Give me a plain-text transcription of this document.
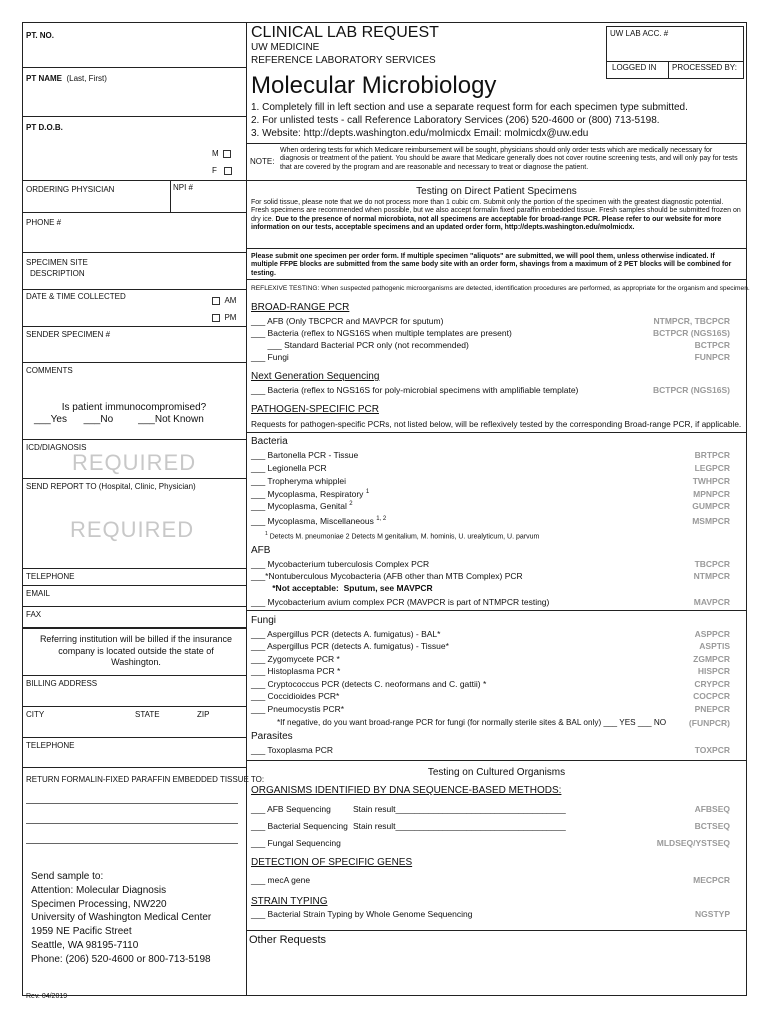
PT. NO.
PT NAME (Last, First)
PT D.O.B.
M
F
ORDERING PHYSICIAN	NPI #
PHONE #
SPECIMEN SITE
DESCRIPTION
DATE & TIME COLLECTED	AM
PM
SENDER SPECIMEN #
COMMENTS
Is patient immunocompromised?
___Yes ___No	___Not Known
ICD/DIAGNOSIS
REQUIRED
SEND REPORT TO (Hospital, Clinic, Physician)
REQUIRED
TELEPHONE
EMAIL
FAX
Referring institution will be billed if the insurance company is located outside the state of Washington.
BILLING ADDRESS
CITY	STATE	ZIP
TELEPHONE
RETURN FORMALIN-FIXED PARAFFIN EMBEDDED TISSUE TO:
Send sample to:
Attention: Molecular Diagnosis
Specimen Processing, NW220
University of Washington Medical Center
1959 NE Pacific Street
Seattle, WA 98195-7110
Phone: (206) 520-4600 or 800-713-5198
Rev. 04/2019
CLINICAL LAB REQUEST
UW MEDICINE
REFERENCE LABORATORY SERVICES
Molecular Microbiology
UW LAB ACC. #
LOGGED IN PROCESSED BY:
1. Completely fill in left section and use a separate request form for each specimen type submitted.
2. For unlisted tests - call Reference Laboratory Services (206) 520-4600 or (800) 713-5198.
3. Website: http://depts.washington.edu/molmicdx Email: molmicdx@uw.edu
NOTE:
When ordering tests for which Medicare reimbursement will be sought, physicians should only order tests which are medically necessary for diagnosis or treatment of the patient. You should be aware that Medicare generally does not cover routine screening tests, and will only pay for tests that are covered by the program and are reasonable and necessary to treat or diagnose the patient.
Testing on Direct Patient Specimens
For solid tissue, please note that we do not process more than 1 cubic cm. Submit only the portion of the specimen with the greatest diagnostic potential. Fresh specimens are recommended when possible, but we also accept formalin fixed paraffin embedded tissue. Fresh samples should be submitted frozen on dry ice. Due to the presence of normal microbiota, not all specimens are acceptable for broad-range PCR. Please refer to our website for more information on our tests, acceptable specimens and an updated order form, http://depts.washington.edu/molmicdx.
Please submit one specimen per order form. If multiple specimen "aliquots" are submitted, we will pool them, unless otherwise indicated. If multiple FFPE blocks are submitted from the same body site with an order form, shavings from a maximum of 2 PET blocks will be combined for testing.
REFLEXIVE TESTING: When suspected pathogenic microorganisms are detected, identification procedures are performed, as appropriate for the organism and specimen.
BROAD-RANGE PCR
___ AFB (Only TBCPCR and MAVPCR for sputum)	NTMPCR, TBCPCR
___ Bacteria (reflex to NGS16S when multiple templates are present)	BCTPCR (NGS16S)
___ Standard Bacterial PCR only (not recommended)	BCTPCR
___ Fungi	FUNPCR
Next Generation Sequencing
___ Bacteria (reflex to NGS16S for poly-microbial specimens with amplifiable template)	BCTPCR (NGS16S)
PATHOGEN-SPECIFIC PCR
Requests for pathogen-specific PCRs, not listed below, will be reflexively tested by the corresponding Broad-range PCR, if applicable.
Bacteria
___ Bartonella PCR - Tissue	BRTPCR
___ Legionella PCR	LEGPCR
___ Tropheryma whipplei	TWHPCR
___ Mycoplasma, Respiratory $^1$	MPNPCR
___ Mycoplasma, Genital $^2$	GUMPCR
___ Mycoplasma, Miscellaneous $^{1, 2}$	MSMPCR
$^1$ Detects M. pneumoniae 2 Detects M genitalium, M. hominis, U. urealyticum, U. parvum
AFB
___ Mycobacterium tuberculosis Complex PCR	TBCPCR
___*Nontuberculous Mycobacteria (AFB other than MTB Complex) PCR	NTMPCR
*Not acceptable:  Sputum, see MAVPCR
___ Mycobacterium avium complex PCR (MAVPCR is part of NTMPCR testing)	MAVPCR
Fungi
___ Aspergillus PCR (detects A. fumigatus) - BAL*	ASPPCR
___ Aspergillus PCR (detects A. fumigatus) - Tissue*	ASPTIS
___ Zygomycete PCR *	ZGMPCR
___ Histoplasma PCR *	HISPCR
___ Cryptococcus PCR (detects C. neoformans and C. gattii) *	CRYPCR
___ Coccidioides PCR*	COCPCR
___ Pneumocystis PCR*	PNEPCR
*If negative, do you want broad-range PCR for fungi (for normally sterile sites & BAL only) ___ YES ___ NO	(FUNPCR)
Parasites
___ Toxoplasma PCR	TOXPCR
Testing on Cultured Organisms
ORGANISMS IDENTIFIED BY DNA SEQUENCE-BASED METHODS:
___ AFB Sequencing	Stain result____________________________________	AFBSEQ
___ Bacterial Sequencing Stain result____________________________________	BCTSEQ
___ Fungal Sequencing	MLDSEQ/YSTSEQ
DETECTION OF SPECIFIC GENES
___ mecA gene	MECPCR
STRAIN TYPING
___ Bacterial Strain Typing by Whole Genome Sequencing	NGSTYP
Other Requests
